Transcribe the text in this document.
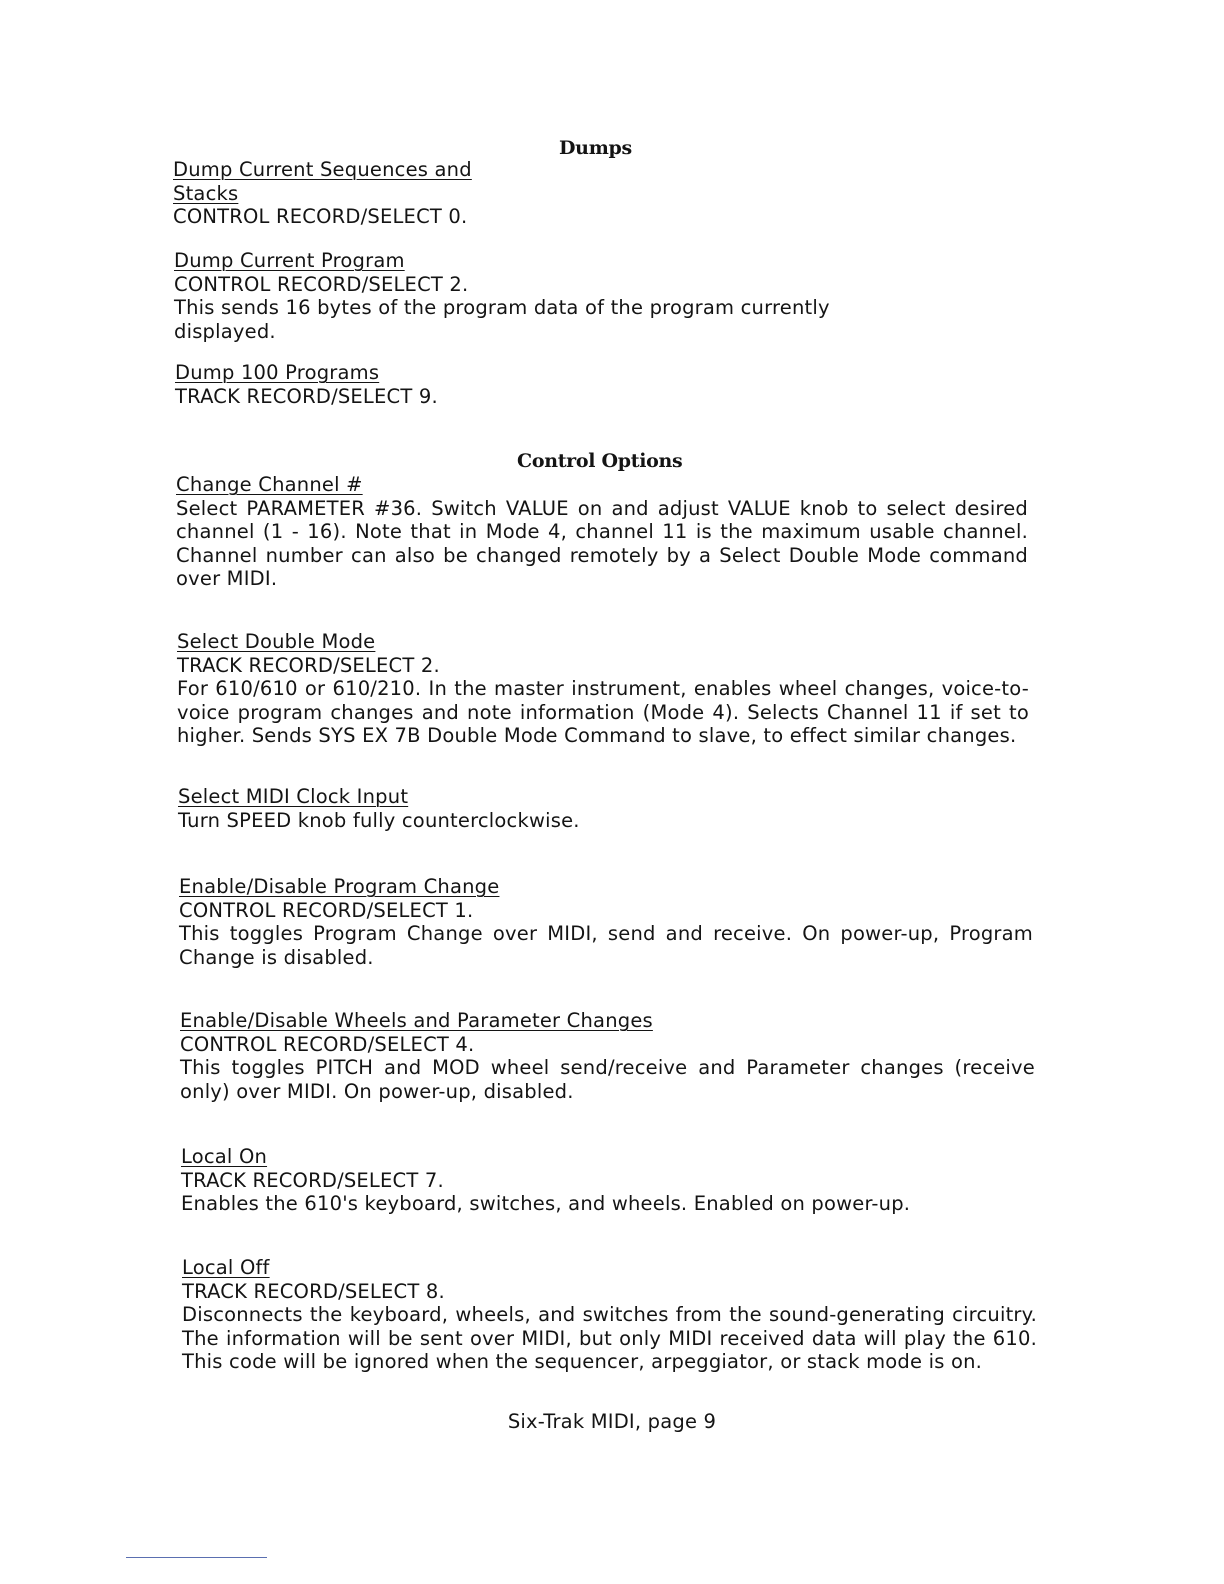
Dumps
Dump Current Sequences and Stacks

CONTROL RECORD/SELECT 0.

Dump Current Program

CONTROL RECORD/SELECT 2.

This sends 16 bytes of the program data of the program currently displayed.

Dump 100 Programs

TRACK RECORD/SELECT 9.

Control Options
Change Channel #

Select PARAMETER #36. Switch VALUE on and adjust VALUE knob to select desired channel (1 - 16). Note that in Mode 4, channel 11 is the maximum usable channel. Channel number can also be changed remotely by a Select Double Mode command over MIDI.

Select Double Mode

TRACK RECORD/SELECT 2.

For 610/610 or 610/210. In the master instrument, enables wheel changes, voice-to-voice program changes and note information (Mode 4). Selects Channel 11 if set to higher. Sends SYS EX 7B Double Mode Command to slave, to effect similar changes.

Select MIDI Clock Input

Turn SPEED knob fully counterclockwise.

Enable/Disable Program Change

CONTROL RECORD/SELECT 1.

This toggles Program Change over MIDI, send and receive. On power-up, Program Change is disabled.

Enable/Disable Wheels and Parameter Changes

CONTROL RECORD/SELECT 4.

This toggles PITCH and MOD wheel send/receive and Parameter changes (receive only) over MIDI. On power-up, disabled.

Local On

TRACK RECORD/SELECT 7.

Enables the 610's keyboard, switches, and wheels. Enabled on power-up.

Local Off

TRACK RECORD/SELECT 8.

Disconnects the keyboard, wheels, and switches from the sound-generating circuitry. The information will be sent over MIDI, but only MIDI received data will play the 610. This code will be ignored when the sequencer, arpeggiator, or stack mode is on.

Six-Trak MIDI, page 9
